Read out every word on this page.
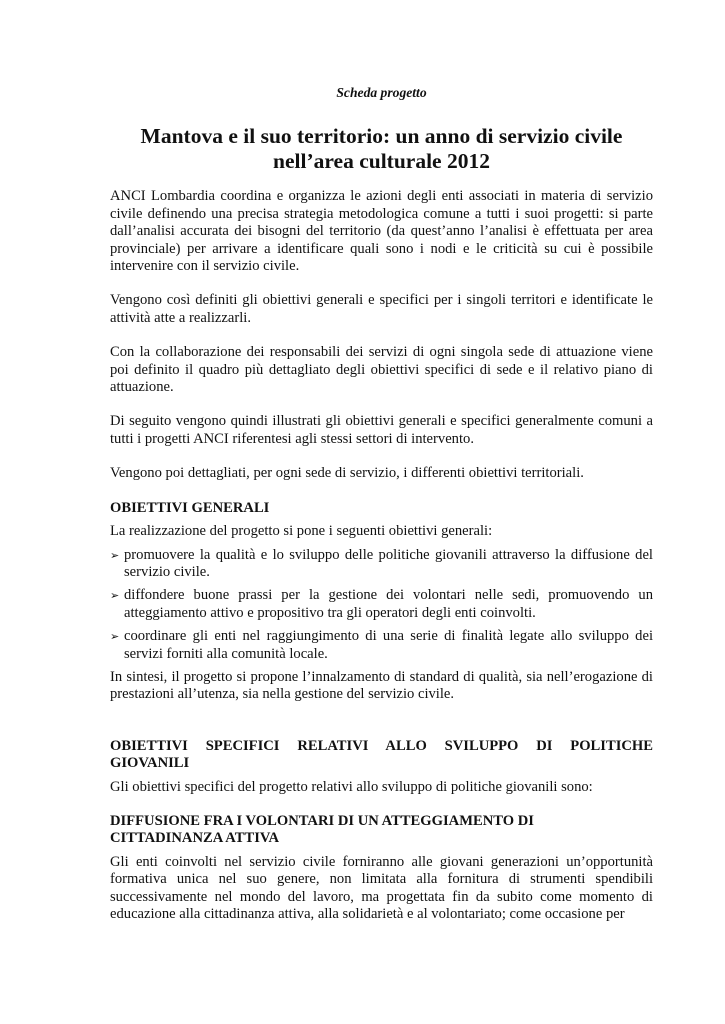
Scheda progetto
Mantova e il suo territorio: un anno di servizio civile
nell’area culturale 2012

ANCI Lombardia coordina e organizza le azioni degli enti associati in materia di servizio civile definendo una precisa strategia metodologica comune a tutti i suoi progetti: si parte dall’analisi accurata dei bisogni del territorio (da quest’anno l’analisi è effettuata per area provinciale) per arrivare a identificare quali sono i nodi e le criticità su cui è possibile intervenire con il servizio civile.

Vengono così definiti gli obiettivi generali e specifici per i singoli territori e identificate le attività atte a realizzarli.

Con la collaborazione dei responsabili dei servizi di ogni singola sede di attuazione viene poi definito il quadro più dettagliato degli obiettivi specifici di sede e il relativo piano di attuazione.

Di seguito vengono quindi illustrati gli obiettivi generali e specifici generalmente comuni a tutti i progetti ANCI riferentesi agli stessi settori di intervento.

Vengono poi dettagliati, per ogni sede di servizio, i differenti obiettivi territoriali.

OBIETTIVI GENERALI

La realizzazione del progetto si pone i seguenti obiettivi generali:

➢ promuovere la qualità e lo sviluppo delle politiche giovanili attraverso la diffusione del servizio civile.
➢ diffondere buone prassi per la gestione dei volontari nelle sedi, promuovendo un atteggiamento attivo e propositivo tra gli operatori degli enti coinvolti.
➢ coordinare gli enti nel raggiungimento di una serie di finalità legate allo sviluppo dei servizi forniti alla comunità locale.

In sintesi, il progetto si propone l’innalzamento di standard di qualità, sia nell’erogazione di prestazioni all’utenza, sia nella gestione del servizio civile.

OBIETTIVI SPECIFICI RELATIVI ALLO SVILUPPO DI POLITICHE
GIOVANILI

Gli obiettivi specifici del progetto relativi allo sviluppo di politiche giovanili sono:

DIFFUSIONE FRA I VOLONTARI DI UN ATTEGGIAMENTO DI
CITTADINANZA ATTIVA

Gli enti coinvolti nel servizio civile forniranno alle giovani generazioni un’opportunità formativa unica nel suo genere, non limitata alla fornitura di strumenti spendibili successivamente nel mondo del lavoro, ma progettata fin da subito come momento di educazione alla cittadinanza attiva, alla solidarietà e al volontariato; come occasione per
